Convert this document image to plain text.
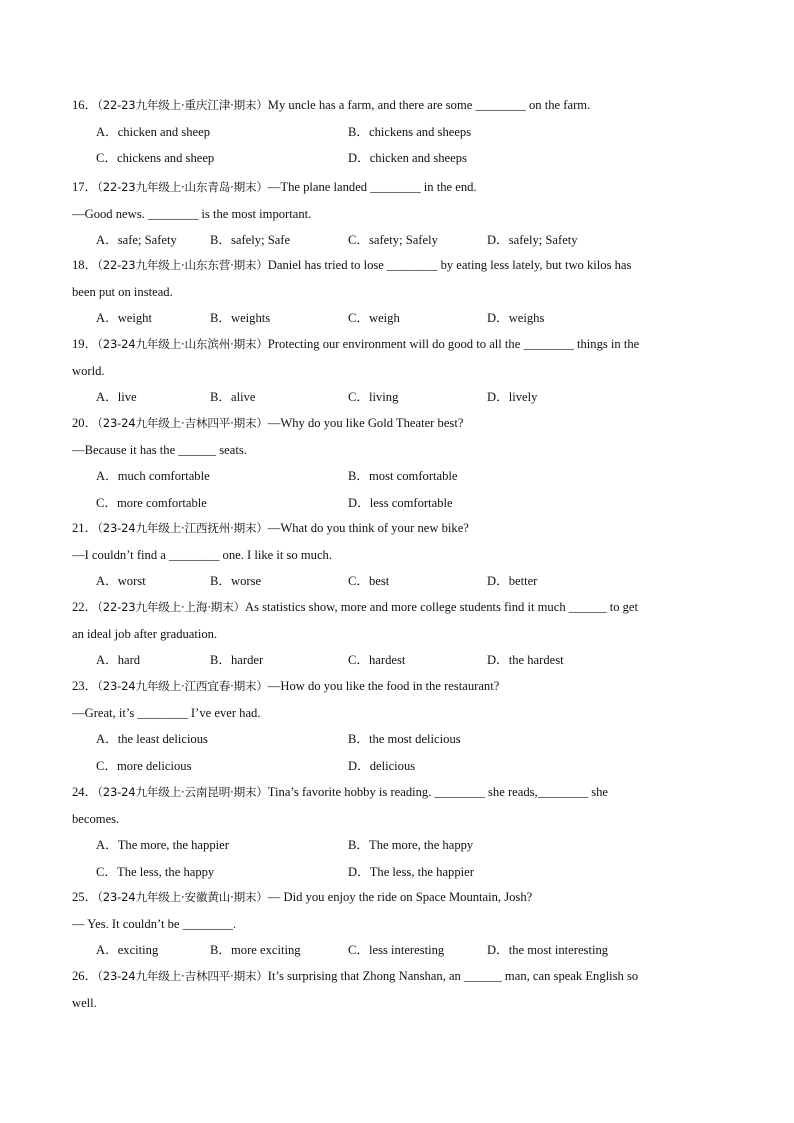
16．（22-23九年级上·重庆江津·期末）My uncle has a farm, and there are some ________ on the farm.
A．chicken and sheep	B．chickens and sheeps
C．chickens and sheep	D．chicken and sheeps
17．（22-23九年级上·山东青岛·期末）—The plane landed ________ in the end.
—Good news. ________ is the most important.
A．safe; Safety	B．safely; Safe	C．safety; Safely	D．safely; Safety
18．（22-23九年级上·山东东营·期末）Daniel has tried to lose ________ by eating less lately, but two kilos has
been put on instead.
A．weight	B．weights	C．weigh	D．weighs
19．（23-24九年级上·山东滨州·期末）Protecting our environment will do good to all the ________ things in the
world.
A．live	B．alive	C．living	D．lively
20．（23-24九年级上·吉林四平·期末）—Why do you like Gold Theater best?
—Because it has the ______ seats.
A．much comfortable	B．most comfortable
C．more comfortable	D．less comfortable
21．（23-24九年级上·江西抚州·期末）—What do you think of your new bike?
—I couldn’t find a ________ one. I like it so much.
A．worst	B．worse	C．best	D．better
22．（22-23九年级上·上海·期末）As statistics show, more and more college students find it much ______ to get
an ideal job after graduation.
A．hard	B．harder	C．hardest	D．the hardest
23．（23-24九年级上·江西宜春·期末）—How do you like the food in the restaurant?
—Great, it’s ________ I’ve ever had.
A．the least delicious	B．the most delicious
C．more delicious	D．delicious
24．（23-24九年级上·云南昆明·期末）Tina’s favorite hobby is reading. ________ she reads,________ she
becomes.
A．The more, the happier	B．The more, the happy
C．The less, the happy	D．The less, the happier
25．（23-24九年级上·安徽黄山·期末）— Did you enjoy the ride on Space Mountain, Josh?
— Yes. It couldn’t be ________.
A．exciting	B．more exciting	C．less interesting	D．the most interesting
26．（23-24九年级上·吉林四平·期末）It’s surprising that Zhong Nanshan, an ______ man, can speak English so
well.
